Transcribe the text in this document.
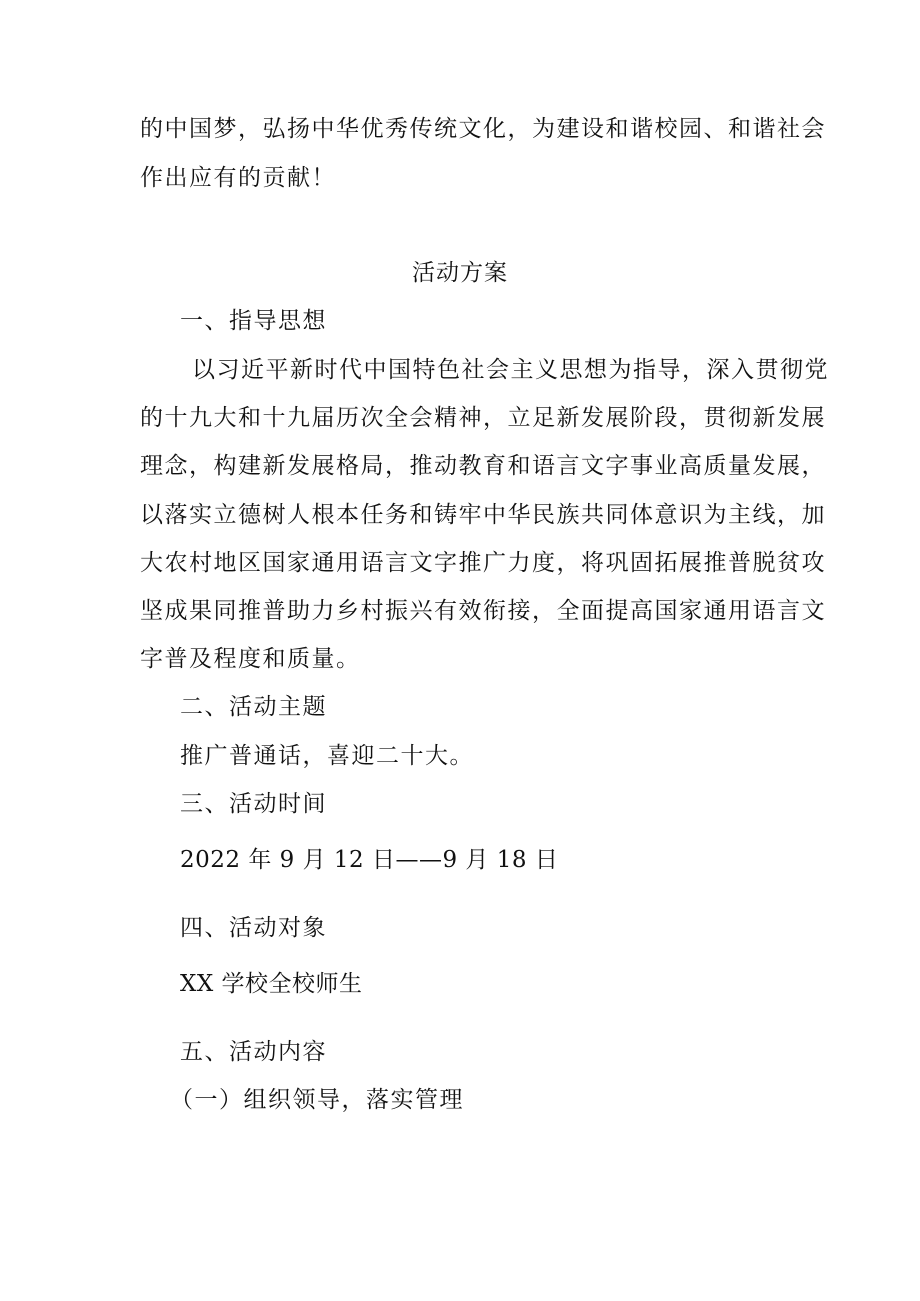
的中国梦，弘扬中华优秀传统文化，为建设和谐校园、和谐社会
作出应有的贡献！
活动方案
一、指导思想
以习近平新时代中国特色社会主义思想为指导，深入贯彻党
的十九大和十九届历次全会精神，立足新发展阶段，贯彻新发展
理念，构建新发展格局，推动教育和语言文字事业高质量发展，
以落实立德树人根本任务和铸牢中华民族共同体意识为主线，加
大农村地区国家通用语言文字推广力度，将巩固拓展推普脱贫攻
坚成果同推普助力乡村振兴有效衔接，全面提高国家通用语言文
字普及程度和质量。
二、活动主题
推广普通话，喜迎二十大。
三、活动时间
2022 年 9 月 12 日——9 月 18 日
四、活动对象
XX 学校全校师生
五、活动内容
（一）组织领导，落实管理
